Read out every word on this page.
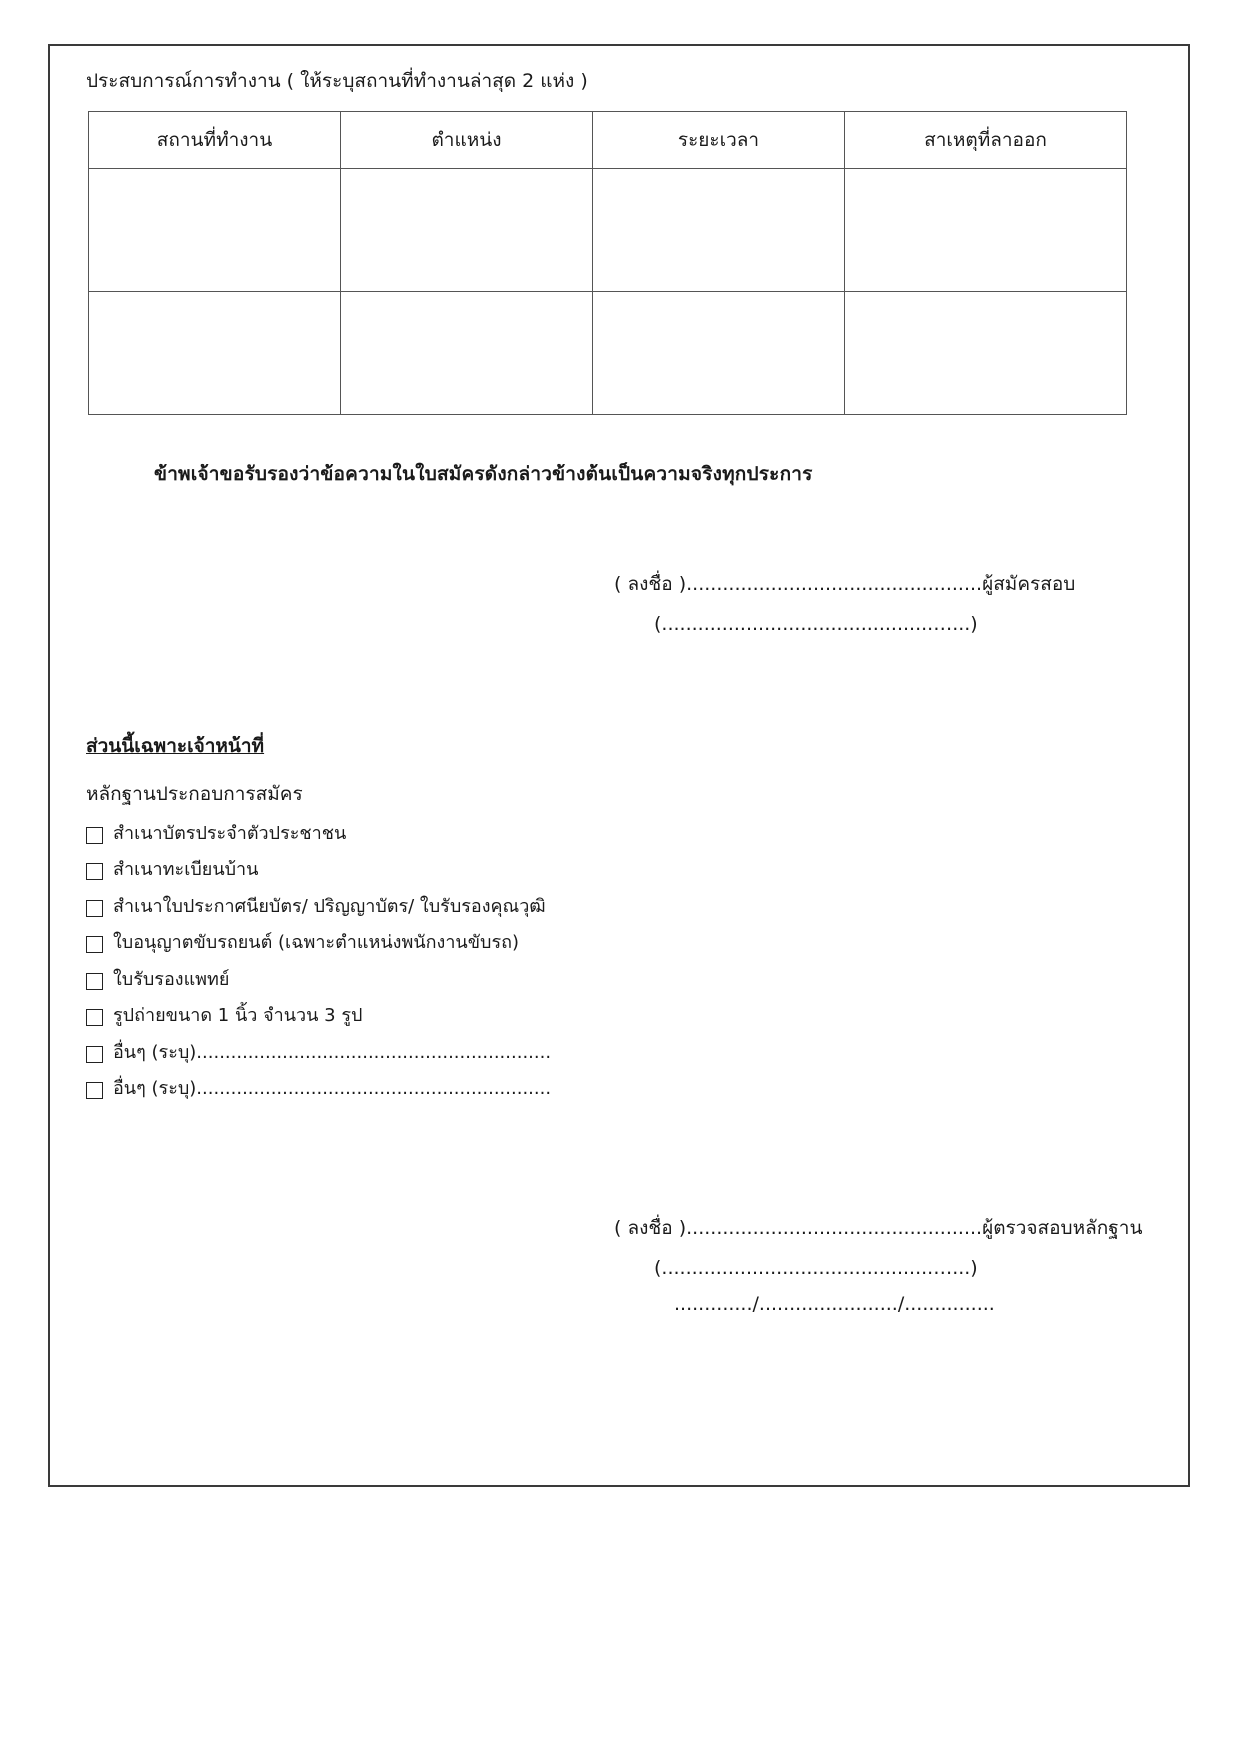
ประสบการณ์การทำงาน ( ให้ระบุสถานที่ทำงานล่าสุด 2 แห่ง )
สถานที่ทำงาน	ตำแหน่ง	ระยะเวลา	สาเหตุที่ลาออก

ข้าพเจ้าขอรับรองว่าข้อความในใบสมัครดังกล่าวข้างต้นเป็นความจริงทุกประการ
( ลงชื่อ ).................................................ผู้สมัครสอบ
(.............................................…...)
ส่วนนี้เฉพาะเจ้าหน้าที่
หลักฐานประกอบการสมัคร
สำเนาบัตรประจำตัวประชาชน
สำเนาทะเบียนบ้าน
สำเนาใบประกาศนียบัตร/ ปริญญาบัตร/ ใบรับรองคุณวุฒิ
ใบอนุญาตขับรถยนต์ (เฉพาะตำแหน่งพนักงานขับรถ)
ใบรับรองแพทย์
รูปถ่ายขนาด 1 นิ้ว จำนวน 3 รูป
อื่นๆ (ระบุ)..............................................................
อื่นๆ (ระบุ)..............................................................
( ลงชื่อ ).................................................ผู้ตรวจสอบหลักฐาน
(.............................................…...)
............./......................./...............
